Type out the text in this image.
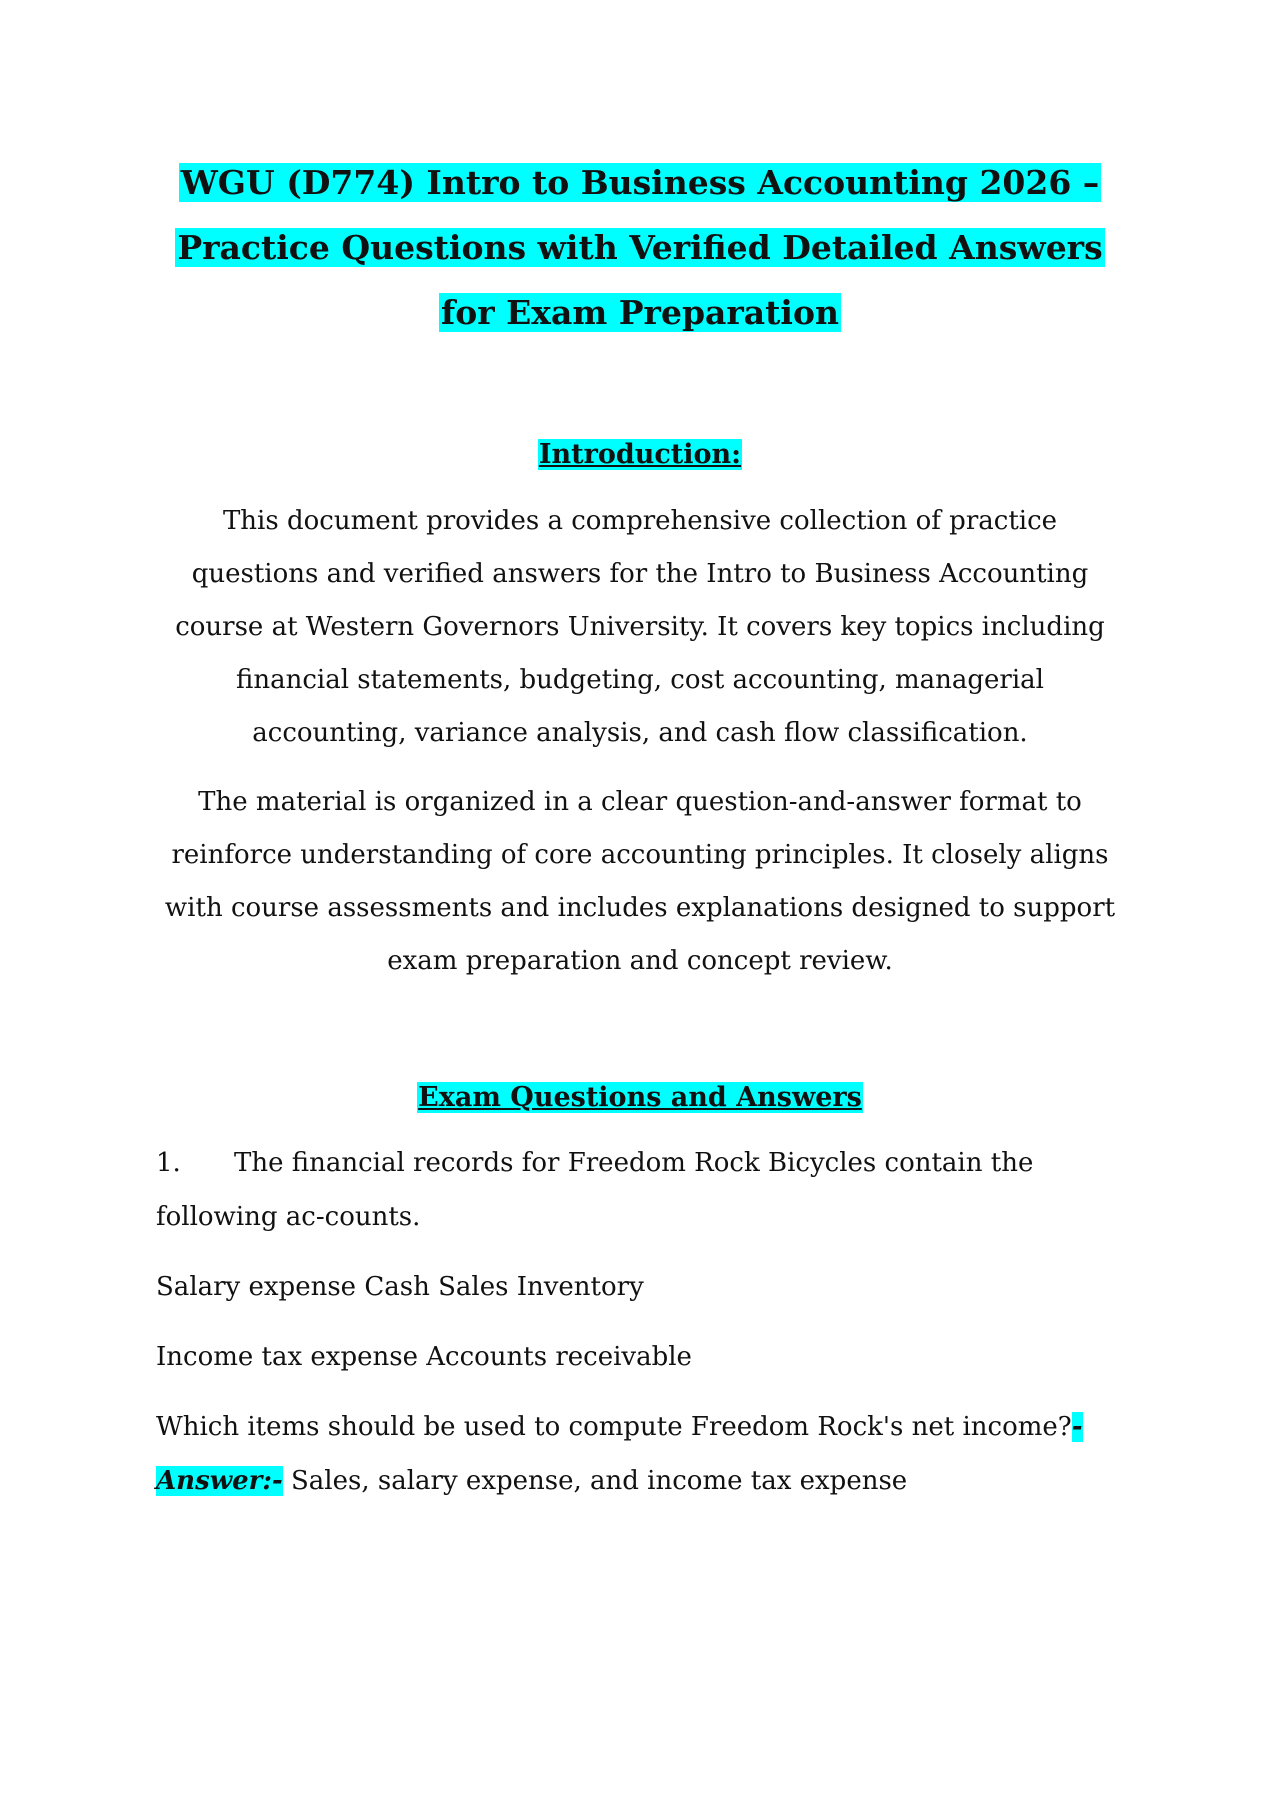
WGU (D774) Intro to Business Accounting 2026 –
Practice Questions with Verified Detailed Answers
for Exam Preparation
Introduction:

This document provides a comprehensive collection of practice questions and verified answers for the Intro to Business Accounting course at Western Governors University. It covers key topics including financial statements, budgeting, cost accounting, managerial accounting, variance analysis, and cash flow classification.

The material is organized in a clear question-and-answer format to reinforce understanding of core accounting principles. It closely aligns with course assessments and includes explanations designed to support exam preparation and concept review.

Exam Questions and Answers

1. The financial records for Freedom Rock Bicycles contain the following ac-counts.

Salary expense Cash Sales Inventory

Income tax expense Accounts receivable

Which items should be used to compute Freedom Rock's net income?-Answer:- Sales, salary expense, and income tax expense
